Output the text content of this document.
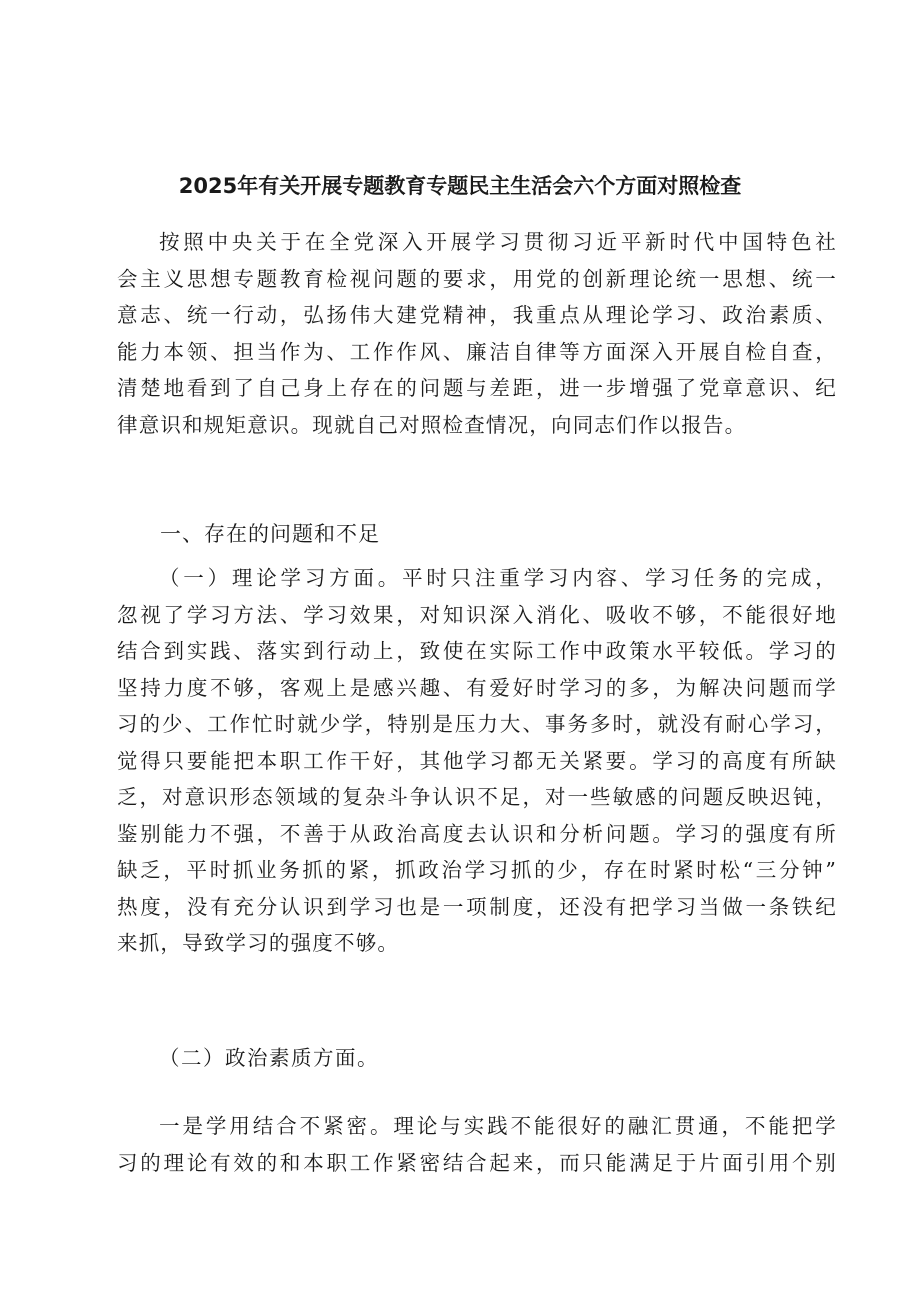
2025年有关开展专题教育专题民主生活会六个方面对照检查
按照中央关于在全党深入开展学习贯彻习近平新时代中国特色社
会主义思想专题教育检视问题的要求，用党的创新理论统一思想、统一
意志、统一行动，弘扬伟大建党精神，我重点从理论学习、政治素质、
能力本领、担当作为、工作作风、廉洁自律等方面深入开展自检自查，
清楚地看到了自己身上存在的问题与差距，进一步增强了党章意识、纪
律意识和规矩意识。现就自己对照检查情况，向同志们作以报告。
一、存在的问题和不足
（一）理论学习方面。平时只注重学习内容、学习任务的完成，
忽视了学习方法、学习效果，对知识深入消化、吸收不够，不能很好地
结合到实践、落实到行动上，致使在实际工作中政策水平较低。学习的
坚持力度不够，客观上是感兴趣、有爱好时学习的多，为解决问题而学
习的少、工作忙时就少学，特别是压力大、事务多时，就没有耐心学习，
觉得只要能把本职工作干好，其他学习都无关紧要。学习的高度有所缺
乏，对意识形态领域的复杂斗争认识不足，对一些敏感的问题反映迟钝，
鉴别能力不强，不善于从政治高度去认识和分析问题。学习的强度有所
缺乏，平时抓业务抓的紧，抓政治学习抓的少，存在时紧时松“三分钟”
热度，没有充分认识到学习也是一项制度，还没有把学习当做一条铁纪
来抓，导致学习的强度不够。
（二）政治素质方面。
一是学用结合不紧密。理论与实践不能很好的融汇贯通，不能把学
习的理论有效的和本职工作紧密结合起来，而只能满足于片面引用个别
